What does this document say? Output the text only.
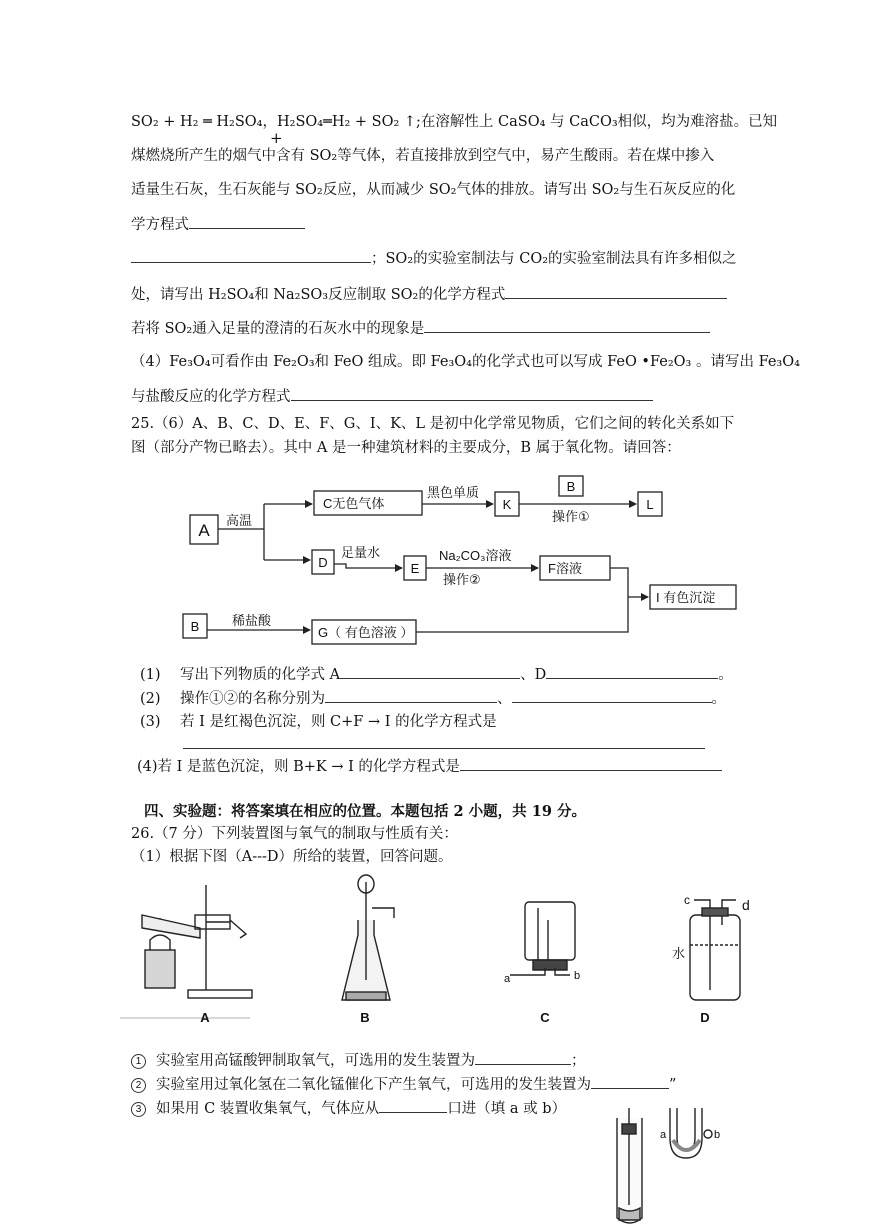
SO₂ + H₂ ═ H₂SO₄，H₂SO₄═H₂ + SO₂ ↑;在溶解性上 CaSO₄ 与 CaCO₃相似，均为难溶盐。已知
+
煤燃烧所产生的烟气中含有 SO₂等气体，若直接排放到空气中，易产生酸雨。若在煤中掺入
适量生石灰，生石灰能与 SO₂反应，从而减少 SO₂气体的排放。请写出 SO₂与生石灰反应的化
学方程式
；SO₂的实验室制法与 CO₂的实验室制法具有许多相似之
处，请写出 H₂SO₄和 Na₂SO₃反应制取 SO₂的化学方程式
若将 SO₂通入足量的澄清的石灰水中的现象是
（4）Fe₃O₄可看作由 Fe₂O₃和 FeO 组成。即 Fe₃O₄的化学式也可以写成 FeO •Fe₂O₃ 。请写出 Fe₃O₄
与盐酸反应的化学方程式
25.（6）A、B、C、D、E、F、G、I、K、L 是初中化学常见物质，它们之间的转化关系如下
图（部分产物已略去）。其中 A 是一种建筑材料的主要成分，B 属于氧化物。请回答：
A
C无色气体	K
B
L
D	E	F溶液
I 有色沉淀
B	G（ 有色溶液 ）
高温
黑色单质
操作①
足量水	Na₂CO₃溶液
操作②
稀盐酸
(1) 写出下列物质的化学式 A	、D	。
(2) 操作①②的名称分别为	、	。
(3) 若 I 是红褐色沉淀，则 C+F → I 的化学方程式是
(4)若 I 是蓝色沉淀，则 B+K → I 的化学方程式是
四、实验题：将答案填在相应的位置。本题包括 2 小题，共 19 分。
26.（7 分）下列装置图与氧气的制取与性质有关：
（1）根据下图（A---D）所给的装置，回答问题。
A	B	C	D
a	b
c	d
水
1 实验室用高锰酸钾制取氧气，可选用的发生装置为	；
2 实验室用过氧化氢在二氧化锰催化下产生氧气，可选用的发生装置为	”
3 如果用 C 装置收集氧气，气体应从	口进（填 a 或 b）
a	b
